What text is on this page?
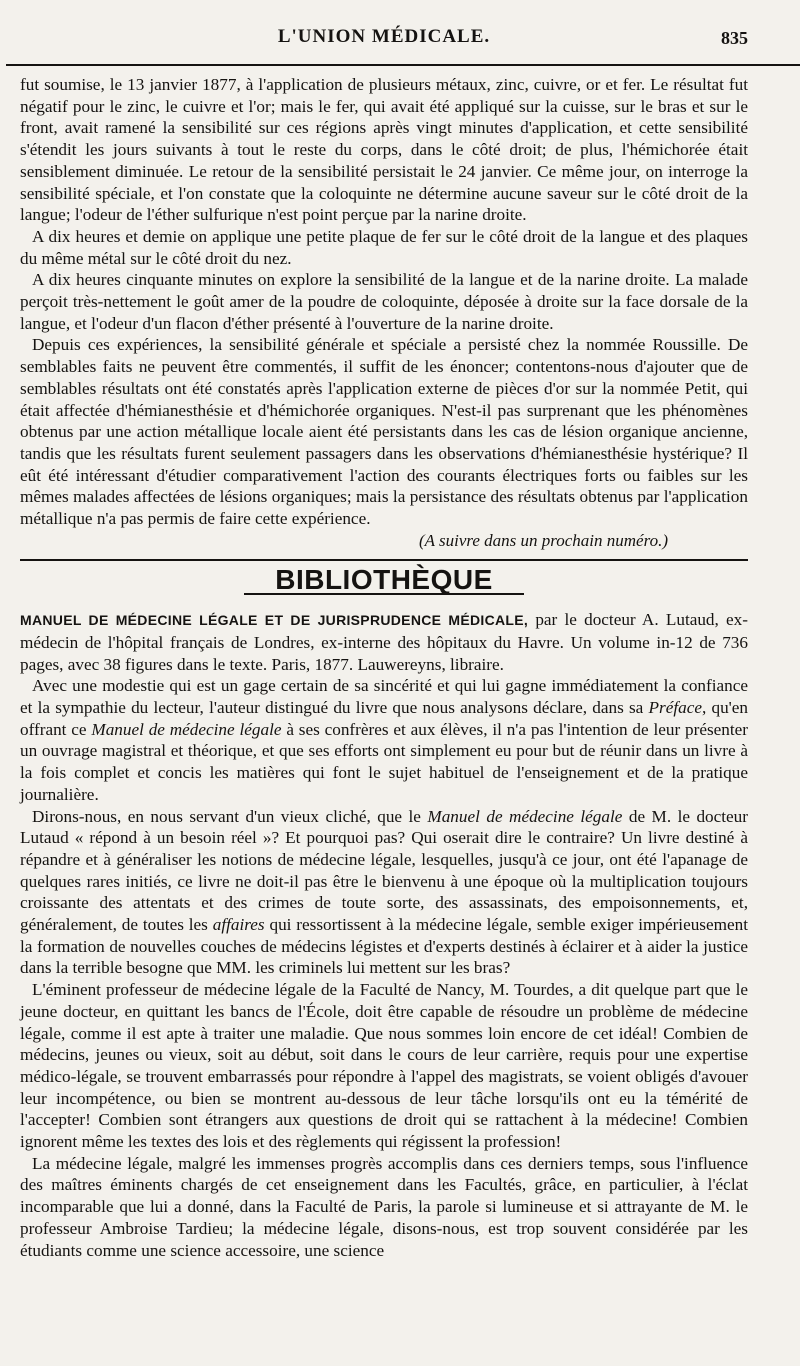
L'UNION MÉDICALE.	835

fut soumise, le 13 janvier 1877, à l'application de plusieurs métaux, zinc, cuivre, or et fer. Le résultat fut négatif pour le zinc, le cuivre et l'or; mais le fer, qui avait été appliqué sur la cuisse, sur le bras et sur le front, avait ramené la sensibilité sur ces régions après vingt minutes d'application, et cette sensibilité s'étendit les jours suivants à tout le reste du corps, dans le côté droit; de plus, l'hémichorée était sensiblement diminuée. Le retour de la sensibilité persistait le 24 janvier. Ce même jour, on interroge la sensibilité spéciale, et l'on constate que la coloquinte ne détermine aucune saveur sur le côté droit de la langue; l'odeur de l'éther sulfurique n'est point perçue par la narine droite.

A dix heures et demie on applique une petite plaque de fer sur le côté droit de la langue et des plaques du même métal sur le côté droit du nez.

A dix heures cinquante minutes on explore la sensibilité de la langue et de la narine droite. La malade perçoit très-nettement le goût amer de la poudre de coloquinte, déposée à droite sur la face dorsale de la langue, et l'odeur d'un flacon d'éther présenté à l'ouverture de la narine droite.

Depuis ces expériences, la sensibilité générale et spéciale a persisté chez la nommée Roussille. De semblables faits ne peuvent être commentés, il suffit de les énoncer; contentons-nous d'ajouter que de semblables résultats ont été constatés après l'application externe de pièces d'or sur la nommée Petit, qui était affectée d'hémianesthésie et d'hémichorée organiques. N'est-il pas surprenant que les phénomènes obtenus par une action métallique locale aient été persistants dans les cas de lésion organique ancienne, tandis que les résultats furent seulement passagers dans les observations d'hémianesthésie hystérique? Il eût été intéressant d'étudier comparativement l'action des courants électriques forts ou faibles sur les mêmes malades affectées de lésions organiques; mais la persistance des résultats obtenus par l'application métallique n'a pas permis de faire cette expérience.

(A suivre dans un prochain numéro.)
BIBLIOTHÈQUE

MANUEL DE MÉDECINE LÉGALE ET DE JURISPRUDENCE MÉDICALE, par le docteur A. Lutaud, ex-médecin de l'hôpital français de Londres, ex-interne des hôpitaux du Havre. Un volume in-12 de 736 pages, avec 38 figures dans le texte. Paris, 1877. Lauwereyns, libraire.

Avec une modestie qui est un gage certain de sa sincérité et qui lui gagne immédiatement la confiance et la sympathie du lecteur, l'auteur distingué du livre que nous analysons déclare, dans sa Préface, qu'en offrant ce Manuel de médecine légale à ses confrères et aux élèves, il n'a pas l'intention de leur présenter un ouvrage magistral et théorique, et que ses efforts ont simplement eu pour but de réunir dans un livre à la fois complet et concis les matières qui font le sujet habituel de l'enseignement et de la pratique journalière.

Dirons-nous, en nous servant d'un vieux cliché, que le Manuel de médecine légale de M. le docteur Lutaud « répond à un besoin réel »? Et pourquoi pas? Qui oserait dire le contraire? Un livre destiné à répandre et à généraliser les notions de médecine légale, lesquelles, jusqu'à ce jour, ont été l'apanage de quelques rares initiés, ce livre ne doit-il pas être le bienvenu à une époque où la multiplication toujours croissante des attentats et des crimes de toute sorte, des assassinats, des empoisonnements, et, généralement, de toutes les affaires qui ressortissent à la médecine légale, semble exiger impérieusement la formation de nouvelles couches de médecins légistes et d'experts destinés à éclairer et à aider la justice dans la terrible besogne que MM. les criminels lui mettent sur les bras?

L'éminent professeur de médecine légale de la Faculté de Nancy, M. Tourdes, a dit quelque part que le jeune docteur, en quittant les bancs de l'École, doit être capable de résoudre un problème de médecine légale, comme il est apte à traiter une maladie. Que nous sommes loin encore de cet idéal! Combien de médecins, jeunes ou vieux, soit au début, soit dans le cours de leur carrière, requis pour une expertise médico-légale, se trouvent embarrassés pour répondre à l'appel des magistrats, se voient obligés d'avouer leur incompétence, ou bien se montrent au-dessous de leur tâche lorsqu'ils ont eu la témérité de l'accepter! Combien sont étrangers aux questions de droit qui se rattachent à la médecine! Combien ignorent même les textes des lois et des règlements qui régissent la profession!

La médecine légale, malgré les immenses progrès accomplis dans ces derniers temps, sous l'influence des maîtres éminents chargés de cet enseignement dans les Facultés, grâce, en particulier, à l'éclat incomparable que lui a donné, dans la Faculté de Paris, la parole si lumineuse et si attrayante de M. le professeur Ambroise Tardieu; la médecine légale, disons-nous, est trop souvent considérée par les étudiants comme une science accessoire, une science
